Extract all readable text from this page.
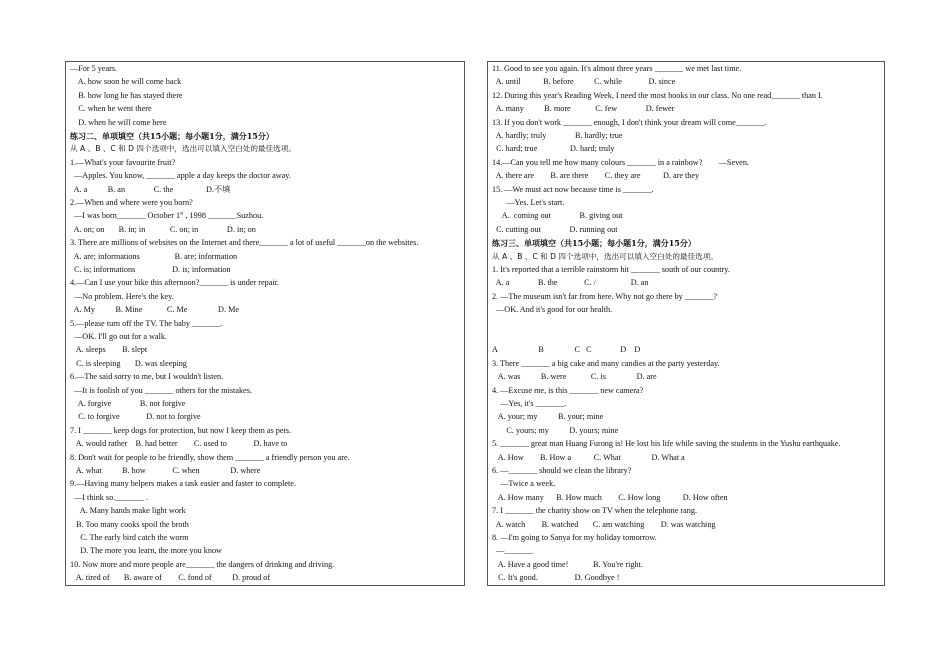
—For 5 years.
A. how soon he will come back
B. how long he has stayed there
C. when he went there
D. when he will come here
练习二、单项填空（共15小题；每小题1分，满分15分）
从 A 、B 、C 和 D 四个选项中，选出可以填入空白处的最佳选项。
1.—What's your favourite fruit?
—Apples. You know, _______ apple a day keeps the doctor away.
A. a          B. an              C. the                D.不填
2.—When and where were you born?
—I was born_______ October 1st , 1998 _______Suzhou.
A. on; on       B. in; in            C. on; in              D. in; on
3. There are millions of websites on the Internet and there_______ a lot of useful _______on the websites.
A. are; informations                 B. are; information
C. is; informations                  D. is; information
4.—Can I use your bike this afternoon?_______ is under repair.
—No problem. Here's the key.
A. My          B. Mine            C. Me               D. Me
5.—please turn off the TV. The baby _______.
—OK. I'll go out for a walk.
A. sleeps        B. slept
C. is sleeping       D. was sleeping
6.—The said sorry to me, but I wouldn't listen.
—It is foolish of you _______ others for the mistakes.
A. forgive              B. not forgive
C. to forgive             D. not to forgive
7. I _______ keep dogs for protection, but now I keep them as pets.
A. would rather    B. had better        C. used to             D. have to
8. Don't wait for people to be friendly, show them _______ a friendly person you are.
A. what          B. how             C. when               D. where
9.—Having many helpers makes a task easier and faster to complete.
—I think so._______ .
A. Many hands make light work
B. Too many cooks spoil the broth
C. The early bird catch the worm
D. The more you learn, the more you know
10. Now more and more people are_______ the dangers of drinking and driving.
A. tired of       B. aware of        C. fond of          D. proud of
11. Good to see you again. It's almost three years _______ we met last time.
A. until           B. before          C. while             D. since
12. During this year's Reading Week, I need the most books in our class. No one read_______ than I.
A. many          B. more            C. few              D. fewer
13. If you don't work _______ enough, I don't think your dream will come_______.
A. hardly; truly              B. hardly; true
C. hard; true                D. hard; truly
14.—Can you tell me how many colours _______ in a rainbow?        —Seven.
A. there are        B. are there        C. they are           D. are they
15. —We must act now because time is _______.
—Yes. Let's start.
A.  coming out              B. giving out
C. cutting out              D. running out
练习三、单项填空（共15小题；每小题1分，满分15分）
从 A 、B 、C 和 D 四个选项中，选出可以填入空白处的最佳选项。
1. It's reported that a terrible rainstorm hit _______ south of our country.
A. a              B. the             C. /                 D. an
2. —The museum isn't far from here. Why not go there by _______?
—OK. And it's good for our health.
A                    B               C   C              D    D
3. There _______ a big cake and many candies at the party yesterday.
A. was          B. were            C. is               D. are
4. —Excuse me, is this _______ new camera?
—Yes, it's _______.
A. your; my          B. your; mine
C. yours; my          D. yours; mine
5. _______ great man Huang Furong is! He lost his life while saving the students in the Yushu earthquake.
A. How        B. How a           C. What               D. What a
6. —_______ should we clean the library?
—Twice a week.
A. How many      B. How much        C. How long           D. How often
7. I _______ the charity show on TV when the telephone rang.
A. watch        B. watched       C. am watching        D. was watching
8. —I'm going to Sanya for my holiday tomorrow.
—_______
A. Have a good time!            B. You're right.
C. It's good.                  D. Goodbye !
